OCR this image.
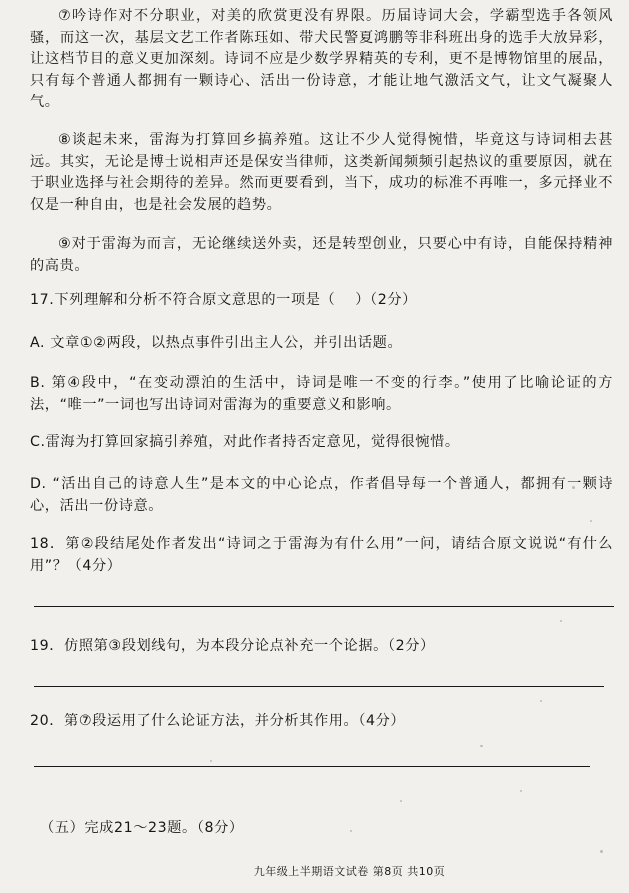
⑦吟诗作对不分职业，对美的欣赏更没有界限。历届诗词大会，学霸型选手各领风骚，而这一次，基层文艺工作者陈珏如、带犬民警夏鸿鹏等非科班出身的选手大放异彩，让这档节目的意义更加深刻。诗词不应是少数学界精英的专利，更不是博物馆里的展品，只有每个普通人都拥有一颗诗心、活出一份诗意，才能让地气激活文气，让文气凝聚人气。

⑧谈起未来，雷海为打算回乡搞养殖。这让不少人觉得惋惜，毕竟这与诗词相去甚远。其实，无论是博士说相声还是保安当律师，这类新闻频频引起热议的重要原因，就在于职业选择与社会期待的差异。然而更要看到，当下，成功的标准不再唯一，多元择业不仅是一种自由，也是社会发展的趋势。

⑨对于雷海为而言，无论继续送外卖，还是转型创业，只要心中有诗，自能保持精神的高贵。

17.下列理解和分析不符合原文意思的一项是（　 ）（2分）

A. 文章①②两段，以热点事件引出主人公，并引出话题。

B. 第④段中，“在变动漂泊的生活中，诗词是唯一不变的行李。”使用了比喻论证的方法，“唯一”一词也写出诗词对雷海为的重要意义和影响。

C.雷海为打算回家搞引养殖，对此作者持否定意见，觉得很惋惜。

D. “活出自己的诗意人生”是本文的中心论点，作者倡导每一个普通人，都拥有一颗诗心，活出一份诗意。

18．第②段结尾处作者发出“诗词之于雷海为有什么用”一问，请结合原文说说“有什么用”？（4分）

19．仿照第③段划线句，为本段分论点补充一个论据。（2分）

20．第⑦段运用了什么论证方法，并分析其作用。（4分）

（五）完成21～23题。（8分）

九年级上半期语文试卷 第8页 共10页
